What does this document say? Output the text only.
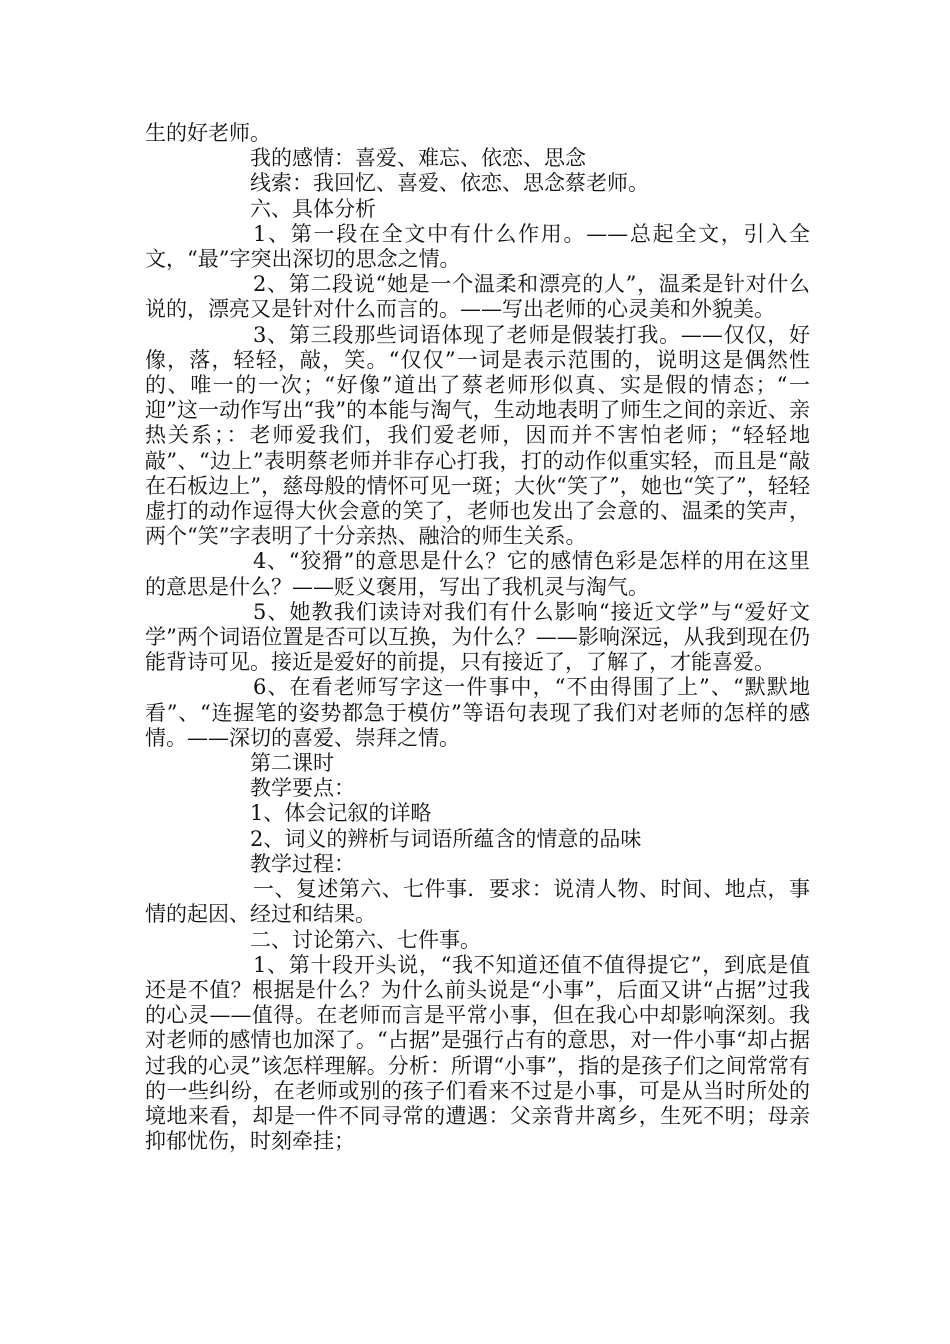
生的好老师。

我的感情：喜爱、难忘、依恋、思念

线索：我回忆、喜爱、依恋、思念蔡老师。

六、具体分析

1、第一段在全文中有什么作用。——总起全文，引入全文，“最”字突出深切的思念之情。

2、第二段说“她是一个温柔和漂亮的人”，温柔是针对什么说的，漂亮又是针对什么而言的。——写出老师的心灵美和外貌美。

3、第三段那些词语体现了老师是假装打我。——仅仅，好像，落，轻轻，敲，笑。“仅仅”一词是表示范围的，说明这是偶然性的、唯一的一次；“好像”道出了蔡老师形似真、实是假的情态；“一迎”这一动作写出“我”的本能与淘气，生动地表明了师生之间的亲近、亲热关系；：老师爱我们，我们爱老师，因而并不害怕老师；“轻轻地敲”、“边上”表明蔡老师并非存心打我，打的动作似重实轻，而且是“敲在石板边上”，慈母般的情怀可见一斑；大伙“笑了”，她也“笑了”，轻轻虚打的动作逗得大伙会意的笑了，老师也发出了会意的、温柔的笑声，两个“笑”字表明了十分亲热、融洽的师生关系。

4、“狡猾”的意思是什么？它的感情色彩是怎样的用在这里的意思是什么？——贬义褒用，写出了我机灵与淘气。

5、她教我们读诗对我们有什么影响“接近文学”与“爱好文学”两个词语位置是否可以互换，为什么？——影响深远，从我到现在仍能背诗可见。接近是爱好的前提，只有接近了，了解了，才能喜爱。

6、在看老师写字这一件事中，“不由得围了上”、“默默地看”、“连握笔的姿势都急于模仿”等语句表现了我们对老师的怎样的感情。——深切的喜爱、崇拜之情。

第二课时

教学要点：

1、体会记叙的详略

2、词义的辨析与词语所蕴含的情意的品味

教学过程：

一、复述第六、七件事．要求：说清人物、时间、地点，事情的起因、经过和结果。

二、讨论第六、七件事。

1、第十段开头说，“我不知道还值不值得提它”，到底是值还是不值？根据是什么？为什么前头说是“小事”，后面又讲“占据”过我的心灵——值得。在老师而言是平常小事，但在我心中却影响深刻。我对老师的感情也加深了。“占据”是强行占有的意思，对一件小事“却占据过我的心灵”该怎样理解。分析：所谓“小事”，指的是孩子们之间常常有的一些纠纷，在老师或别的孩子们看来不过是小事，可是从当时所处的境地来看，却是一件不同寻常的遭遇：父亲背井离乡，生死不明；母亲抑郁忧伤，时刻牵挂；
